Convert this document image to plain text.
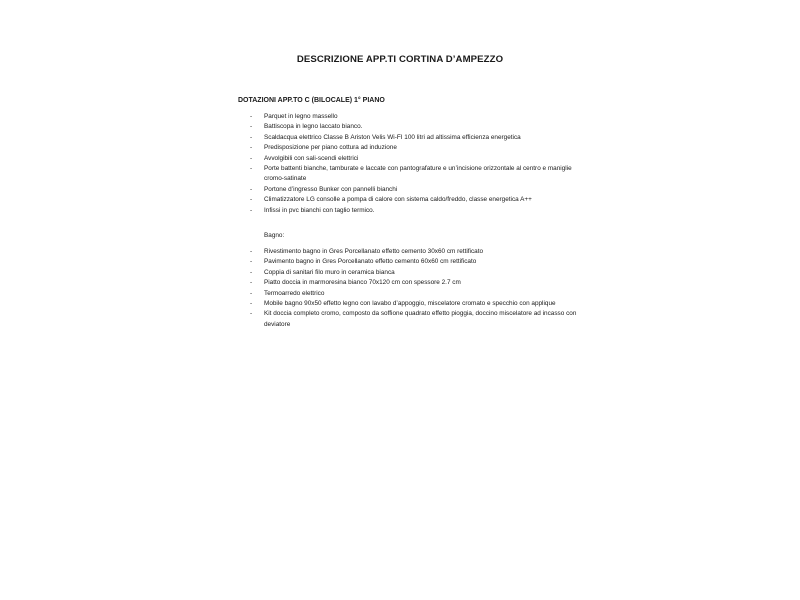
DESCRIZIONE APP.TI CORTINA D’AMPEZZO
DOTAZIONI APP.TO C (BILOCALE) 1° PIANO
- Parquet in legno massello
- Battiscopa in legno laccato bianco.
- Scaldacqua elettrico Classe B Ariston Velis Wi-FI 100 litri ad altissima efficienza energetica
- Predisposizione per piano cottura ad induzione
- Avvolgibili con sali-scendi elettrici
- Porte battenti bianche, tamburate e laccate con pantografature e un’incisione orizzontale al centro e maniglie cromo-satinate
- Portone d’ingresso Bunker con pannelli bianchi
- Climatizzatore LG consolle a pompa di calore con sistema caldo/freddo, classe energetica A++
- Infissi in pvc bianchi con taglio termico.
Bagno:
- Rivestimento bagno in Gres Porcellanato effetto cemento 30x60 cm rettificato
- Pavimento bagno in Gres Porcellanato effetto cemento 60x60 cm rettificato
- Coppia di sanitari filo muro in ceramica bianca
- Piatto doccia in marmoresina bianco 70x120 cm con spessore 2.7 cm
- Termoarredo elettrico
- Mobile bagno 90x50 effetto legno con lavabo d’appoggio, miscelatore cromato e specchio con applique
- Kit doccia completo cromo, composto da soffione quadrato effetto pioggia, doccino miscelatore ad incasso con deviatore
